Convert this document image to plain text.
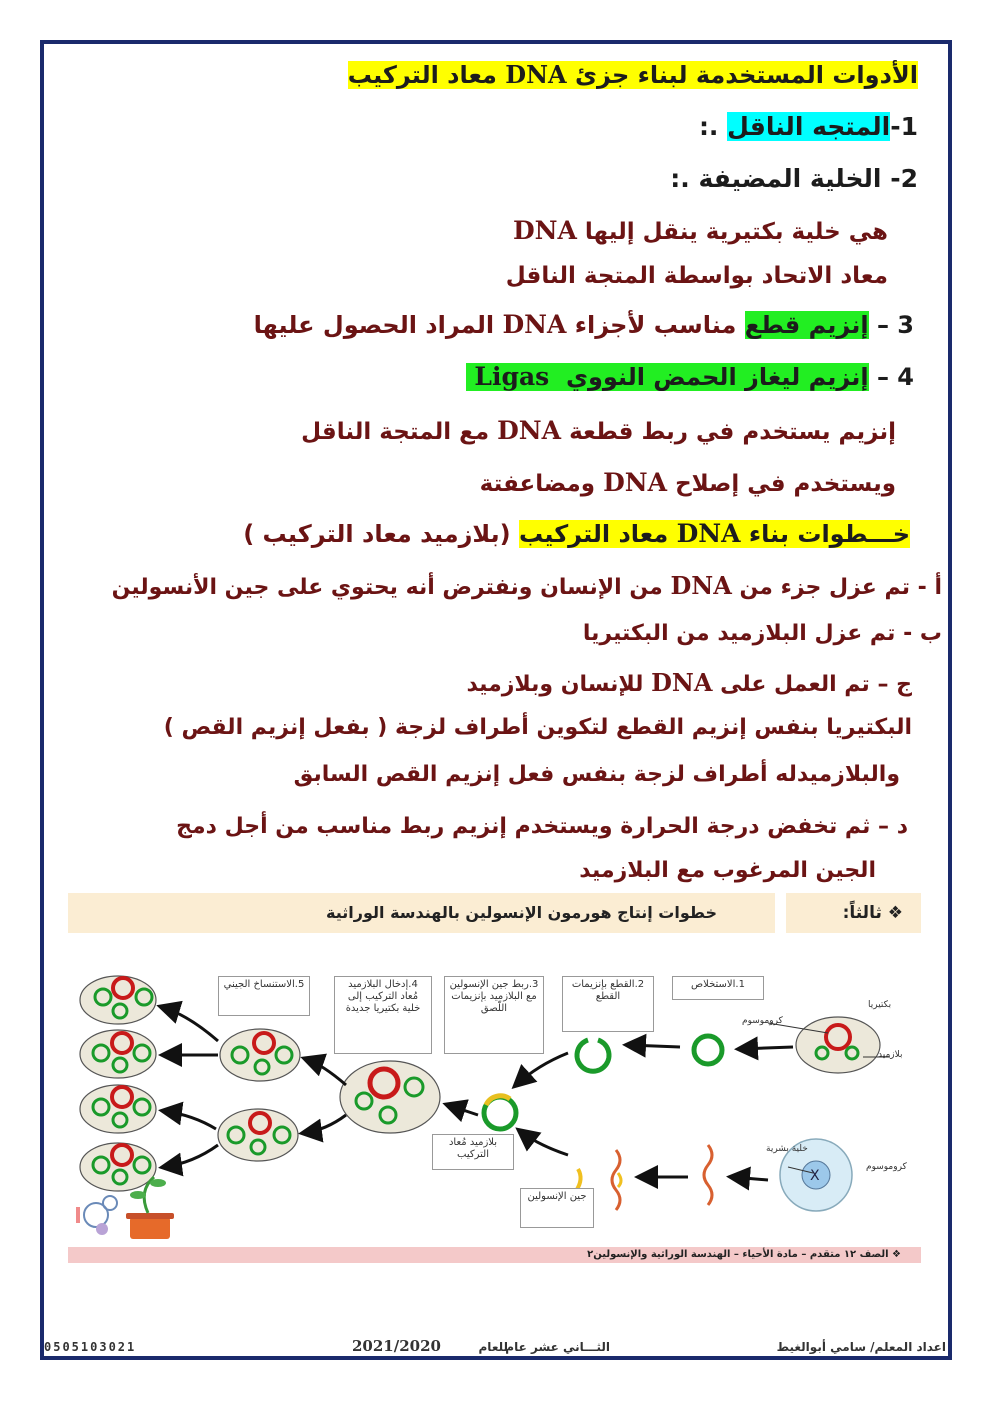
الأدوات المستخدمة لبناء جزئ DNA معاد التركيب
1-المتجه الناقل .:
2- الخلية المضيفة .:
هي خلية بكتيرية ينقل إليها DNA
معاد الاتحاد بواسطة المتجة الناقل
3 – إنزيم قطع مناسب لأجزاء DNA المراد الحصول عليها
4 – إنزيم ليغاز الحمض النووي  Ligas
إنزيم يستخدم في ربط قطعة DNA مع المتجة الناقل
ويستخدم في إصلاح DNA ومضاعفتة
خـــطوات بناء DNA معاد التركيب (بلازميد معاد التركيب )
أ - تم عزل جزء من DNA من الإنسان ونفترض أنه يحتوي على جين الأنسولين
ب - تم عزل البلازميد من البكتيريا
ج – تم العمل على DNA للإنسان وبلازميد
البكتيريا بنفس إنزيم القطع لتكوين أطراف لزجة ( بفعل إنزيم القص )
والبلازميدله أطراف لزجة بنفس فعل إنزيم القص السابق
د – ثم تخفض درجة الحرارة ويستخدم إنزيم ربط مناسب من أجل دمج
الجين المرغوب مع البلازميد
❖ ثالثاً:
خطوات إنتاج هورمون الإنسولين بالهندسة الوراثية
X
1.الاستخلاص
2.القطع بإنزيمات القطع
3.ربط جين الإنسولين مع البلازميد بإنزيمات اللّصق
4.إدخال البلازميد مُعاد التركيب إلى خلية بكتيريا جديدة
5.الاستنساخ الجيني
بلازميد مُعاد التركيب
جين الإنسولين
بكتيريا
كروموسوم
بلازميد
خلية بشرية
كروموسوم
❖ الصف ١٢ متقدم – مادة الأحياء – الهندسة الوراثية والإنسولين٢
اعداد المعلم/ سامي أبوالغيط
الثـــاني عشر عام
للعام
2021/2020
0505103021
